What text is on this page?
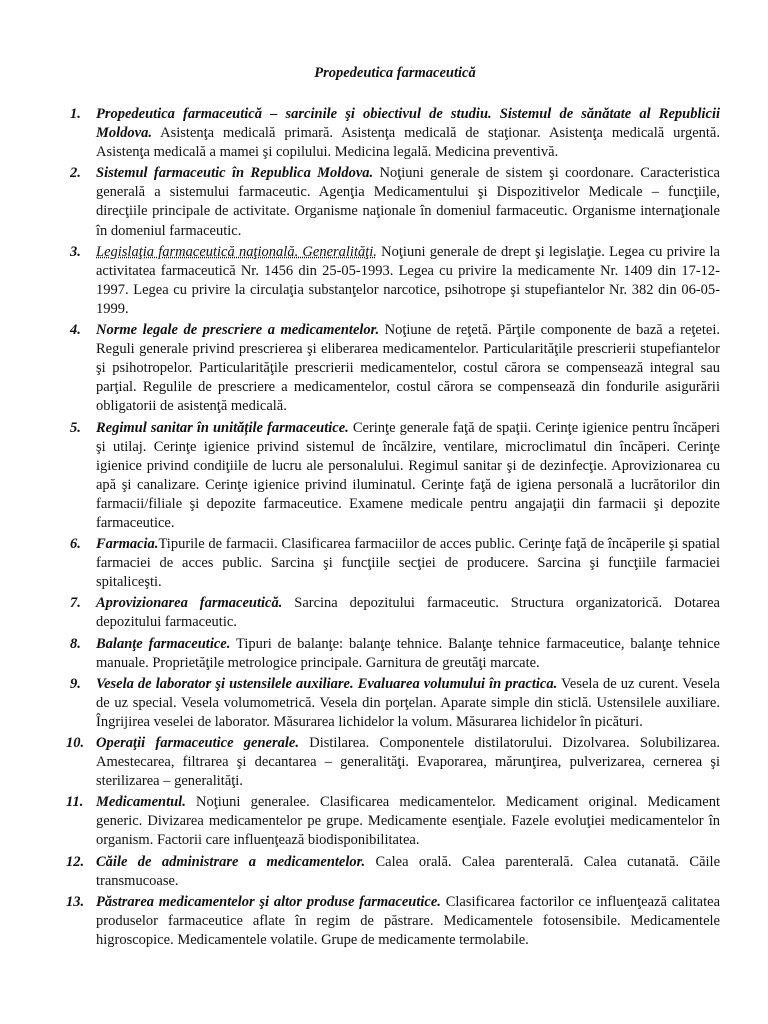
Propedeutica farmaceutică
1. Propedeutica farmaceutică – sarcinile şi obiectivul de studiu. Sistemul de sănătate al Republicii Moldova. Asistenţa medicală primară. Asistenţa medicală de staţionar. Asistenţa medicală urgentă. Asistenţa medicală a mamei şi copilului. Medicina legală. Medicina preventivă.
2. Sistemul farmaceutic în Republica Moldova. Noţiuni generale de sistem şi coordonare. Caracteristica generală a sistemului farmaceutic. Agenţia Medicamentului şi Dispozitivelor Medicale – funcţiile, direcţiile principale de activitate. Organisme naţionale în domeniul farmaceutic. Organisme internaţionale în domeniul farmaceutic.
3. Legislaţia farmaceutică naţională. Generalităţi. Noţiuni generale de drept şi legislaţie. Legea cu privire la activitatea farmaceutică Nr. 1456 din 25-05-1993. Legea cu privire la medicamente Nr. 1409 din 17-12-1997. Legea cu privire la circulaţia substanţelor narcotice, psihotrope şi stupefiantelor Nr. 382 din 06-05-1999.
4. Norme legale de prescriere a medicamentelor. Noţiune de reţetă. Părţile componente de bază a reţetei. Reguli generale privind prescrierea şi eliberarea medicamentelor. Particularităţile prescrierii stupefiantelor şi psihotropelor. Particularităţile prescrierii medicamentelor, costul cărora se compensează integral sau parţial. Regulile de prescriere a medicamentelor, costul cărora se compensează din fondurile asigurării obligatorii de asistenţă medicală.
5. Regimul sanitar în unitățile farmaceutice. Cerinţe generale faţă de spaţii. Cerinţe igienice pentru încăperi şi utilaj. Cerinţe igienice privind sistemul de încălzire, ventilare, microclimatul din încăperi. Cerinţe igienice privind condiţiile de lucru ale personalului. Regimul sanitar şi de dezinfecţie. Aprovizionarea cu apă şi canalizare. Cerinţe igienice privind iluminatul. Cerinţe faţă de igiena personală a lucrătorilor din farmacii/filiale şi depozite farmaceutice. Examene medicale pentru angajaţii din farmacii şi depozite farmaceutice.
6. Farmacia.Tipurile de farmacii. Clasificarea farmaciilor de acces public. Cerinţe faţă de încăperile şi spatial farmaciei de acces public. Sarcina şi funcţiile secţiei de producere. Sarcina şi funcţiile farmaciei spitaliceşti.
7. Aprovizionarea farmaceutică. Sarcina depozitului farmaceutic. Structura organizatorică. Dotarea depozitului farmaceutic.
8. Balanţe farmaceutice. Tipuri de balanţe: balanţe tehnice. Balanţe tehnice farmaceutice, balanţe tehnice manuale. Proprietăţile metrologice principale. Garnitura de greutăţi marcate.
9. Vesela de laborator şi ustensilele auxiliare. Evaluarea volumului în practica. Vesela de uz curent. Vesela de uz special. Vesela volumometrică. Vesela din porţelan. Aparate simple din sticlă. Ustensilele auxiliare. Îngrijirea veselei de laborator. Măsurarea lichidelor la volum. Măsurarea lichidelor în picături.
10. Operaţii farmaceutice generale. Distilarea. Componentele distilatorului. Dizolvarea. Solubilizarea. Amestecarea, filtrarea şi decantarea – generalităţi. Evaporarea, mărunţirea, pulverizarea, cernerea şi sterilizarea – generalităţi.
11. Medicamentul. Noţiuni generalee. Clasificarea medicamentelor. Medicament original. Medicament generic. Divizarea medicamentelor pe grupe. Medicamente esenţiale. Fazele evoluţiei medicamentelor în organism. Factorii care influenţează biodisponibilitatea.
12. Căile de administrare a medicamentelor. Calea orală. Calea parenterală. Calea cutanată. Căile transmucoase.
13. Păstrarea medicamentelor şi altor produse farmaceutice. Clasificarea factorilor ce influenţează calitatea produselor farmaceutice aflate în regim de păstrare. Medicamentele fotosensibile. Medicamentele higroscopice. Medicamentele volatile. Grupe de medicamente termolabile.
